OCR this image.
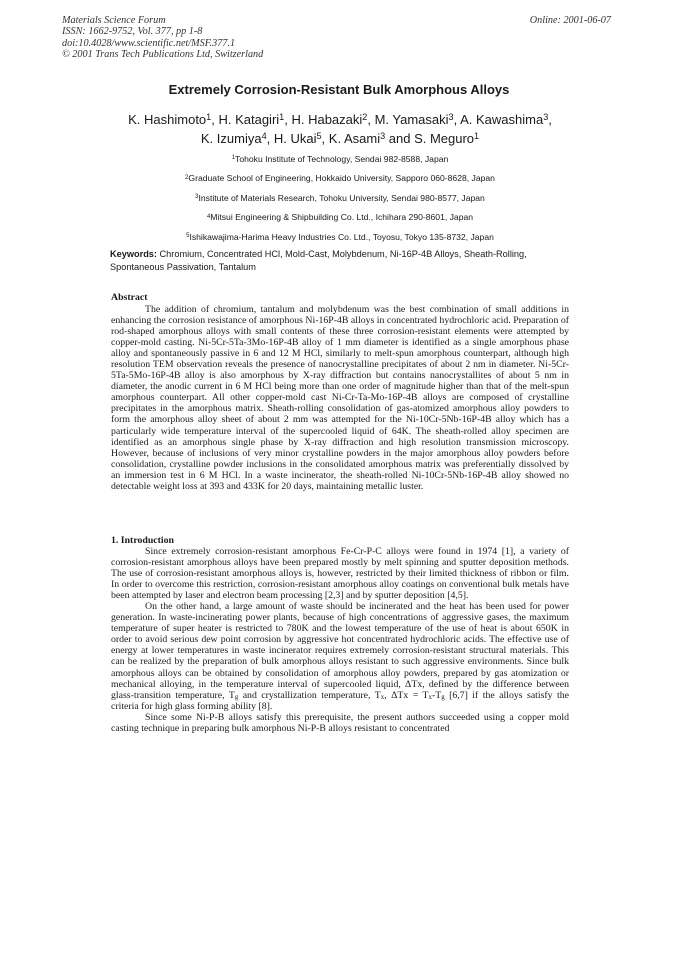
Materials Science Forum
ISSN: 1662-9752, Vol. 377, pp 1-8
doi:10.4028/www.scientific.net/MSF.377.1
© 2001 Trans Tech Publications Ltd, Switzerland
Online: 2001-06-07
Extremely Corrosion-Resistant Bulk Amorphous Alloys
K. Hashimoto$^1$, H. Katagiri$^1$, H. Habazaki$^2$, M. Yamasaki$^3$, A. Kawashima$^3$,
K. Izumiya$^4$, H. Ukai$^5$, K. Asami$^3$ and S. Meguro$^1$
$^1$Tohoku Institute of Technology, Sendai 982-8588, Japan
$^2$Graduate School of Engineering, Hokkaido University, Sapporo 060-8628, Japan
$^3$Institute of Materials Research, Tohoku University, Sendai 980-8577, Japan
$^4$Mitsui Engineering & Shipbuilding Co. Ltd., Ichihara 290-8601, Japan
$^5$Ishikawajima-Harima Heavy Industries Co. Ltd., Toyosu, Tokyo 135-8732, Japan
Keywords: Chromium, Concentrated HCl, Mold-Cast, Molybdenum, Ni-16P-4B Alloys, Sheath-Rolling, Spontaneous Passivation, Tantalum
Abstract

The addition of chromium, tantalum and molybdenum was the best combination of small additions in enhancing the corrosion resistance of amorphous Ni-16P-4B alloys in concentrated hydrochloric acid. Preparation of rod-shaped amorphous alloys with small contents of these three corrosion-resistant elements were attempted by copper-mold casting. Ni-5Cr-5Ta-3Mo-16P-4B alloy of 1 mm diameter is identified as a single amorphous phase alloy and spontaneously passive in 6 and 12 M HCl, similarly to melt-spun amorphous counterpart, although high resolution TEM observation reveals the presence of nanocrystalline precipitates of about 2 nm in diameter. Ni-5Cr-5Ta-5Mo-16P-4B alloy is also amorphous by X-ray diffraction but contains nanocrystallites of about 5 nm in diameter, the anodic current in 6 M HCl being more than one order of magnitude higher than that of the melt-spun amorphous counterpart. All other copper-mold cast Ni-Cr-Ta-Mo-16P-4B alloys are composed of crystalline precipitates in the amorphous matrix. Sheath-rolling consolidation of gas-atomized amorphous alloy powders to form the amorphous alloy sheet of about 2 mm was attempted for the Ni-10Cr-5Nb-16P-4B alloy which has a particularly wide temperature interval of the supercooled liquid of 64K. The sheath-rolled alloy specimen are identified as an amorphous single phase by X-ray diffraction and high resolution transmission microscopy. However, because of inclusions of very minor crystalline powders in the major amorphous alloy powders before consolidation, crystalline powder inclusions in the consolidated amorphous matrix was preferentially dissolved by an immersion test in 6 M HCl. In a waste incinerator, the sheath-rolled Ni-10Cr-5Nb-16P-4B alloy showed no detectable weight loss at 393 and 433K for 20 days, maintaining metallic luster.

1. Introduction

Since extremely corrosion-resistant amorphous Fe-Cr-P-C alloys were found in 1974 [1], a variety of corrosion-resistant amorphous alloys have been prepared mostly by melt spinning and sputter deposition methods. The use of corrosion-resistant amorphous alloys is, however, restricted by their limited thickness of ribbon or film. In order to overcome this restriction, corrosion-resistant amorphous alloy coatings on conventional bulk metals have been attempted by laser and electron beam processing [2,3] and by sputter deposition [4,5].

On the other hand, a large amount of waste should be incinerated and the heat has been used for power generation. In waste-incinerating power plants, because of high concentrations of aggressive gases, the maximum temperature of super heater is restricted to 780K and the lowest temperature of the use of heat is about 650K in order to avoid serious dew point corrosion by aggressive hot concentrated hydrochloric acids. The effective use of energy at lower temperatures in waste incinerator requires extremely corrosion-resistant structural materials. This can be realized by the preparation of bulk amorphous alloys resistant to such aggressive environments. Since bulk amorphous alloys can be obtained by consolidation of amorphous alloy powders, prepared by gas atomization or mechanical alloying, in the temperature interval of supercooled liquid, ΔTx, defined by the difference between glass-transition temperature, $T_g$ and crystallization temperature, $T_x$, $\Delta Tx = T_x-T_g$ [6,7] if the alloys satisfy the criteria for high glass forming ability [8].

Since some Ni-P-B alloys satisfy this prerequisite, the present authors succeeded using a copper mold casting technique in preparing bulk amorphous Ni-P-B alloys resistant to concentrated
